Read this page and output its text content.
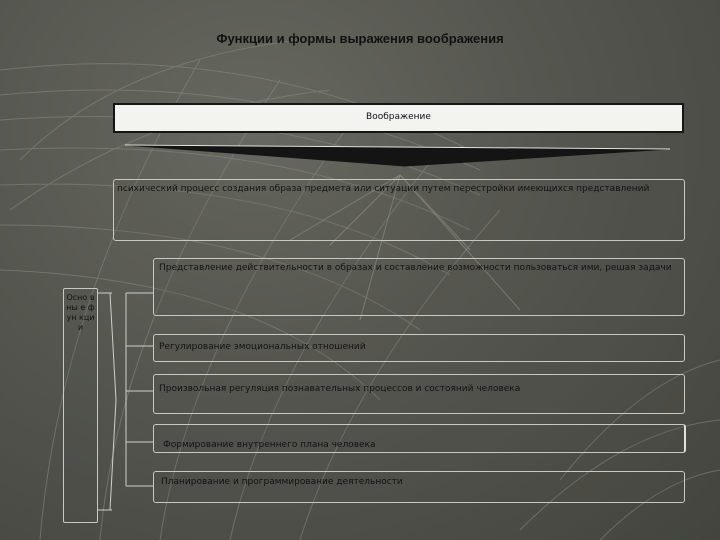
Функции и формы выражения воображения
Воображение
психический процесс создания образа предмета или ситуации путем перестройки имеющихся представлений
Осно вны е фун кции
Представление действительности в образах и составление возможности пользоваться ими, решая задачи
Регулирование эмоциональных отношений
Произвольная регуляция познавательных процессов и состояний человека
Формирование внутреннего плана человека
Планирование и программирование деятельности
